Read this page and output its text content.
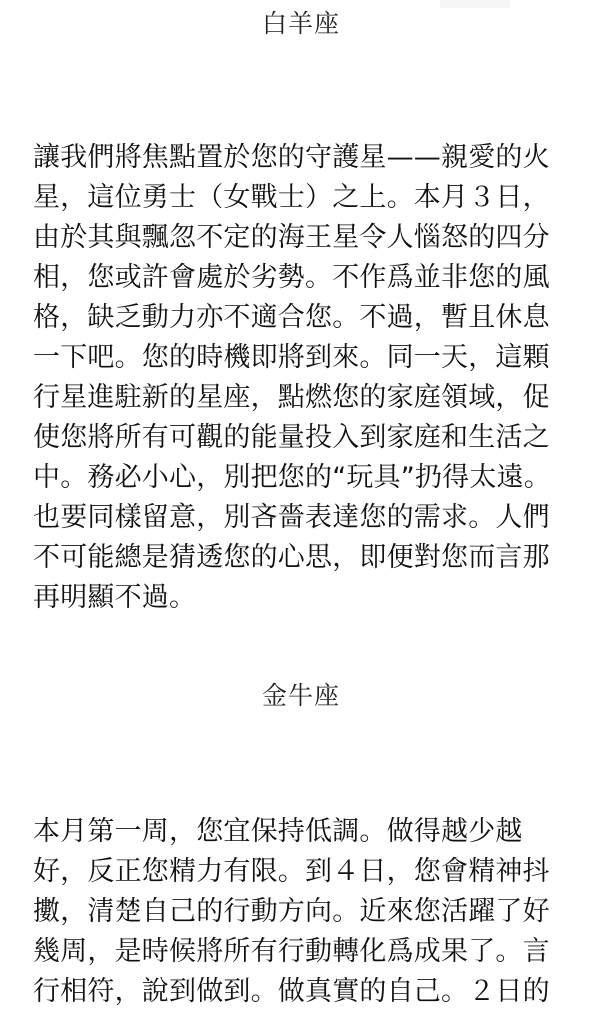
白羊座

讓我們將焦點置於您的守護星——親愛的火星，這位勇士（女戰士）之上。本月３日，由於其與飄忽不定的海王星令人惱怒的四分相，您或許會處於劣勢。不作爲並非您的風格，缺乏動力亦不適合您。不過，暫且休息一下吧。您的時機即將到來。同一天，這顆行星進駐新的星座，點燃您的家庭領域，促使您將所有可觀的能量投入到家庭和生活之中。務必小心，別把您的“玩具”扔得太遠。也要同樣留意，別吝嗇表達您的需求。人們不可能總是猜透您的心思，即便對您而言那再明顯不過。

金牛座

本月第一周，您宜保持低調。做得越少越好，反正您精力有限。到４日，您會精神抖擻，清楚自己的行動方向。近來您活躍了好幾周，是時候將所有行動轉化爲成果了。言行相符，說到做到。做真實的自己。２日的
